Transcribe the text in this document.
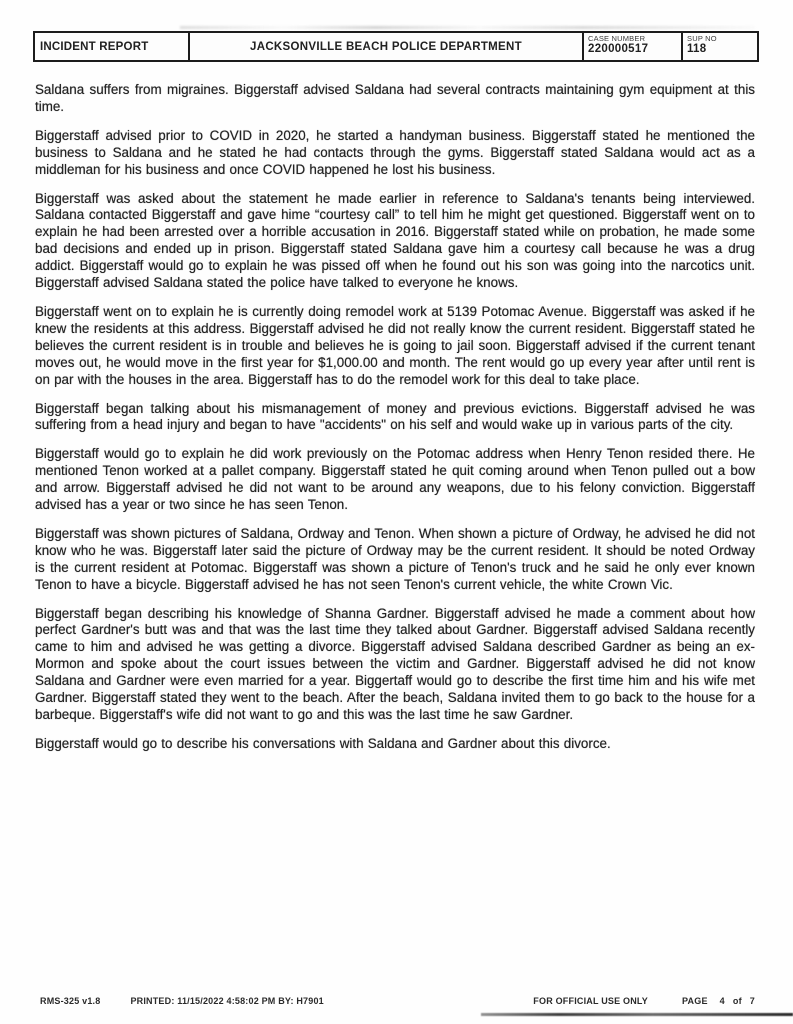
INCIDENT REPORT	JACKSONVILLE BEACH POLICE DEPARTMENT
CASE NUMBER
220000517
SUP NO
118

Saldana suffers from migraines. Biggerstaff advised Saldana had several contracts maintaining gym equipment at this time.

Biggerstaff advised prior to COVID in 2020, he started a handyman business. Biggerstaff stated he mentioned the business to Saldana and he stated he had contacts through the gyms. Biggerstaff stated Saldana would act as a middleman for his business and once COVID happened he lost his business.

Biggerstaff was asked about the statement he made earlier in reference to Saldana's tenants being interviewed. Saldana contacted Biggerstaff and gave hime “courtesy call” to tell him he might get questioned. Biggerstaff went on to explain he had been arrested over a horrible accusation in 2016. Biggerstaff stated while on probation, he made some bad decisions and ended up in prison. Biggerstaff stated Saldana gave him a courtesy call because he was a drug addict. Biggerstaff would go to explain he was pissed off when he found out his son was going into the narcotics unit. Biggerstaff advised Saldana stated the police have talked to everyone he knows.

Biggerstaff went on to explain he is currently doing remodel work at 5139 Potomac Avenue. Biggerstaff was asked if he knew the residents at this address. Biggerstaff advised he did not really know the current resident. Biggerstaff stated he believes the current resident is in trouble and believes he is going to jail soon. Biggerstaff advised if the current tenant moves out, he would move in the first year for $1,000.00 and month. The rent would go up every year after until rent is on par with the houses in the area. Biggerstaff has to do the remodel work for this deal to take place.

Biggerstaff began talking about his mismanagement of money and previous evictions. Biggerstaff advised he was suffering from a head injury and began to have "accidents" on his self and would wake up in various parts of the city.

Biggerstaff would go to explain he did work previously on the Potomac address when Henry Tenon resided there. He mentioned Tenon worked at a pallet company. Biggerstaff stated he quit coming around when Tenon pulled out a bow and arrow. Biggerstaff advised he did not want to be around any weapons, due to his felony conviction. Biggerstaff advised has a year or two since he has seen Tenon.

Biggerstaff was shown pictures of Saldana, Ordway and Tenon. When shown a picture of Ordway, he advised he did not know who he was. Biggerstaff later said the picture of Ordway may be the current resident. It should be noted Ordway is the current resident at Potomac. Biggerstaff was shown a picture of Tenon's truck and he said he only ever known Tenon to have a bicycle. Biggerstaff advised he has not seen Tenon's current vehicle, the white Crown Vic.

Biggerstaff began describing his knowledge of Shanna Gardner. Biggerstaff advised he made a comment about how perfect Gardner's butt was and that was the last time they talked about Gardner. Biggerstaff advised Saldana recently came to him and advised he was getting a divorce. Biggerstaff advised Saldana described Gardner as being an ex-Mormon and spoke about the court issues between the victim and Gardner. Biggerstaff advised he did not know Saldana and Gardner were even married for a year. Biggertaff would go to describe the first time him and his wife met Gardner. Biggerstaff stated they went to the beach. After the beach, Saldana invited them to go back to the house for a barbeque. Biggerstaff's wife did not want to go and this was the last time he saw Gardner.

Biggerstaff would go to describe his conversations with Saldana and Gardner about this divorce.

RMS-325 v1.8	PRINTED: 11/15/2022 4:58:02 PM BY: H7901	FOR OFFICIAL USE ONLY	PAGE 4 of 7
